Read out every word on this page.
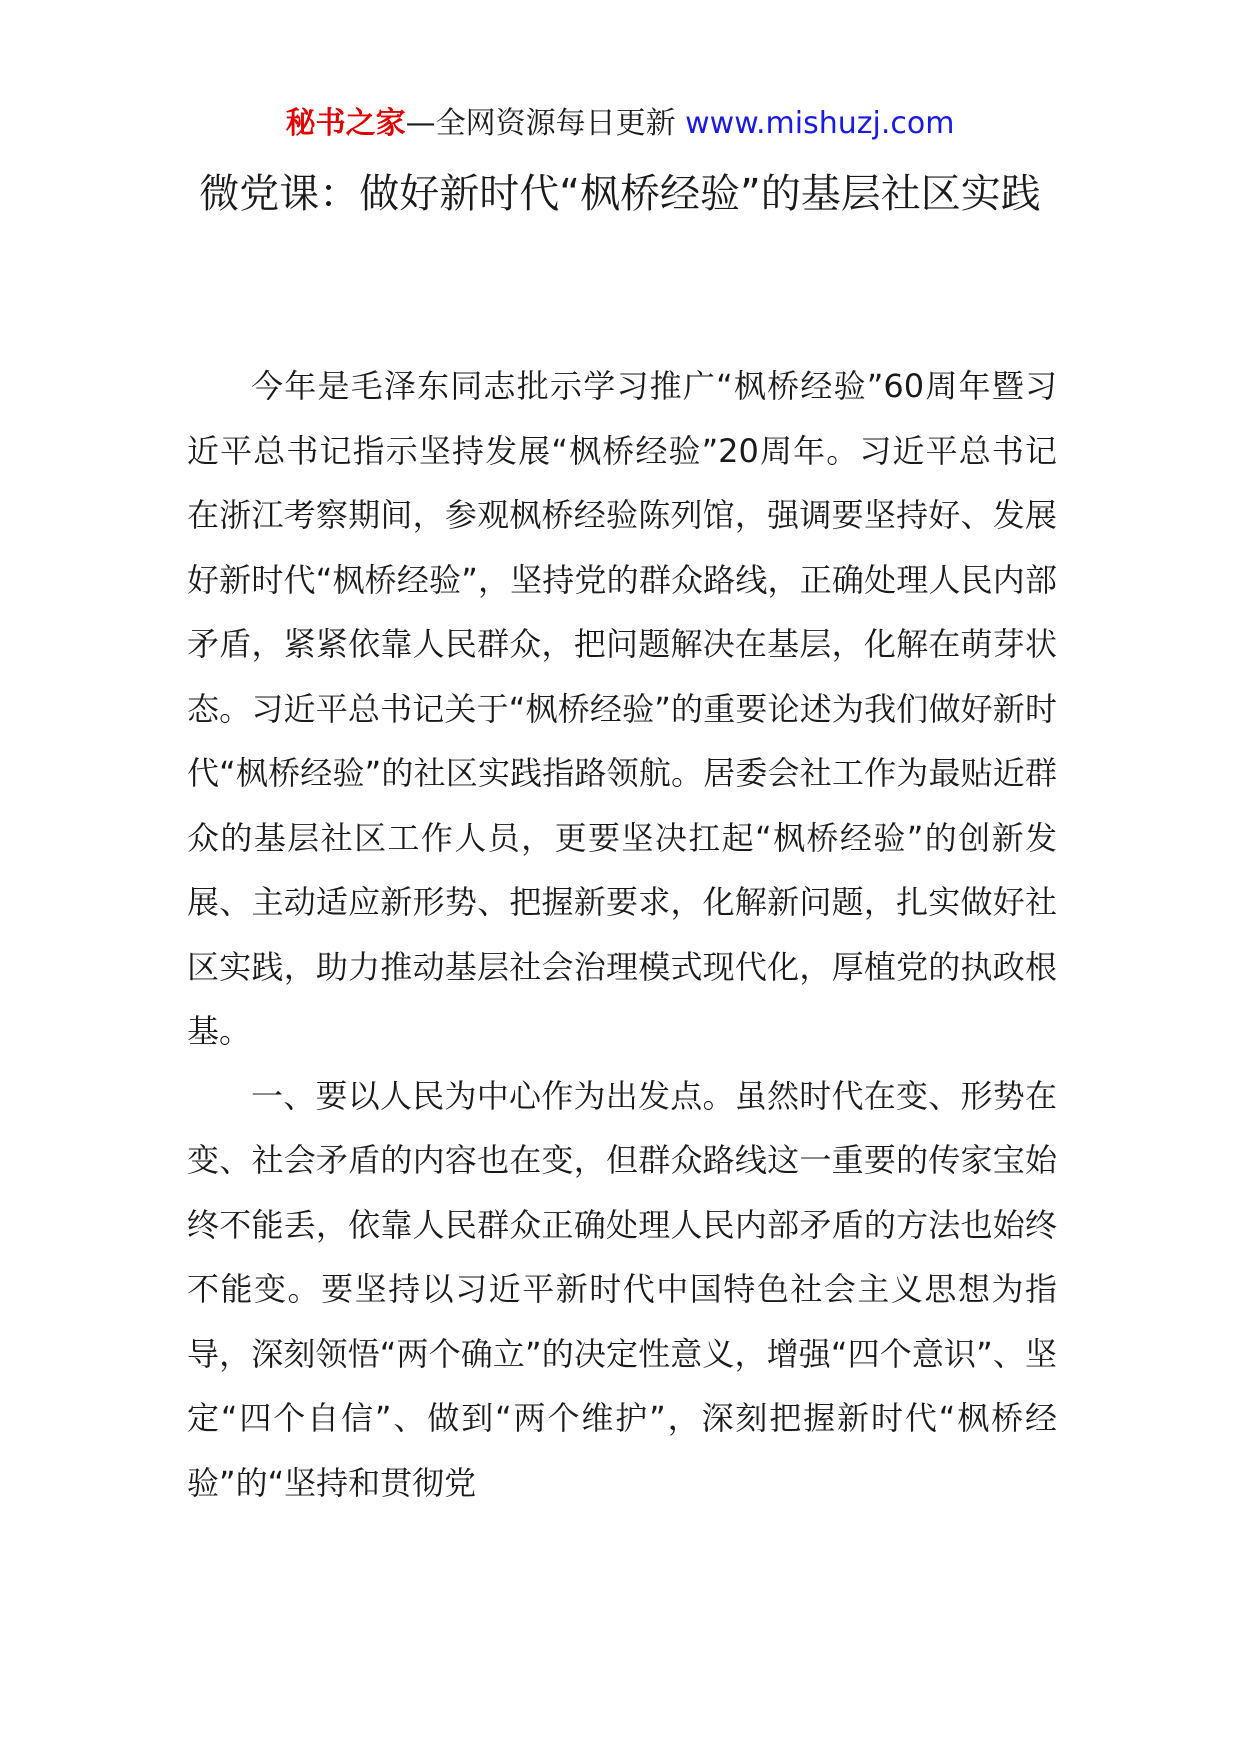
秘书之家—全网资源每日更新 www.mishuzj.com
微党课：做好新时代“枫桥经验”的基层社区实践

今年是毛泽东同志批示学习推广“枫桥经验”60周年暨习近平总书记指示坚持发展“枫桥经验”20周年。习近平总书记在浙江考察期间，参观枫桥经验陈列馆，强调要坚持好、发展好新时代“枫桥经验”，坚持党的群众路线，正确处理人民内部矛盾，紧紧依靠人民群众，把问题解决在基层，化解在萌芽状态。习近平总书记关于“枫桥经验”的重要论述为我们做好新时代“枫桥经验”的社区实践指路领航。居委会社工作为最贴近群众的基层社区工作人员，更要坚决扛起“枫桥经验”的创新发展、主动适应新形势、把握新要求，化解新问题，扎实做好社区实践，助力推动基层社会治理模式现代化，厚植党的执政根基。

一、要以人民为中心作为出发点。虽然时代在变、形势在变、社会矛盾的内容也在变，但群众路线这一重要的传家宝始终不能丢，依靠人民群众正确处理人民内部矛盾的方法也始终不能变。要坚持以习近平新时代中国特色社会主义思想为指导，深刻领悟“两个确立”的决定性意义，增强“四个意识”、坚定“四个自信”、做到“两个维护”，深刻把握新时代“枫桥经验”的“坚持和贯彻党
